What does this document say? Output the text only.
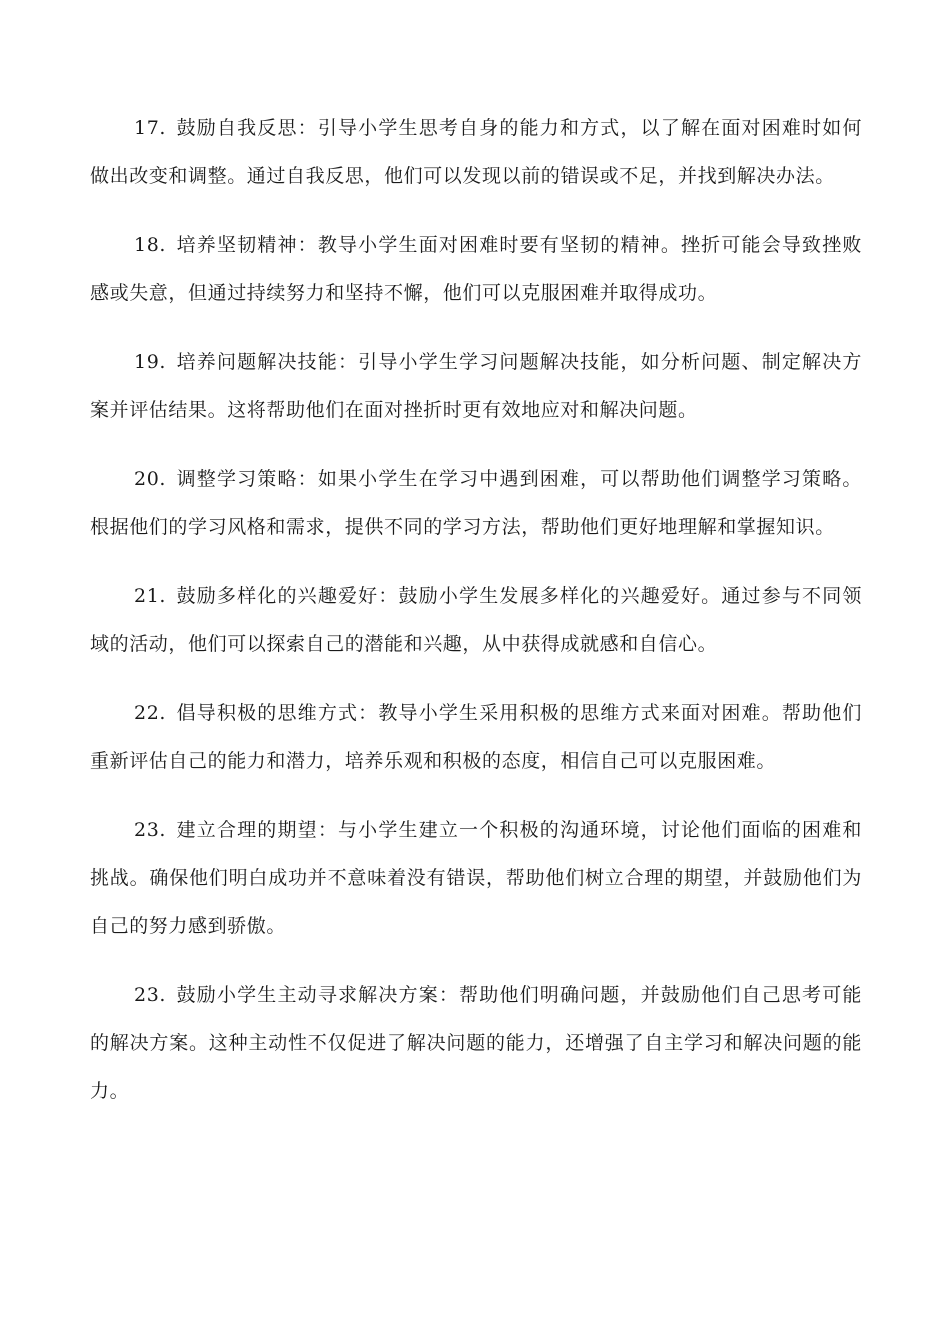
17. 鼓励自我反思：引导小学生思考自身的能力和方式，以了解在面对困难时如何做出改变和调整。通过自我反思，他们可以发现以前的错误或不足，并找到解决办法。

18. 培养坚韧精神：教导小学生面对困难时要有坚韧的精神。挫折可能会导致挫败感或失意，但通过持续努力和坚持不懈，他们可以克服困难并取得成功。

19. 培养问题解决技能：引导小学生学习问题解决技能，如分析问题、制定解决方案并评估结果。这将帮助他们在面对挫折时更有效地应对和解决问题。

20. 调整学习策略：如果小学生在学习中遇到困难，可以帮助他们调整学习策略。根据他们的学习风格和需求，提供不同的学习方法，帮助他们更好地理解和掌握知识。

21. 鼓励多样化的兴趣爱好：鼓励小学生发展多样化的兴趣爱好。通过参与不同领域的活动，他们可以探索自己的潜能和兴趣，从中获得成就感和自信心。

22. 倡导积极的思维方式：教导小学生采用积极的思维方式来面对困难。帮助他们重新评估自己的能力和潜力，培养乐观和积极的态度，相信自己可以克服困难。

23. 建立合理的期望：与小学生建立一个积极的沟通环境，讨论他们面临的困难和挑战。确保他们明白成功并不意味着没有错误，帮助他们树立合理的期望，并鼓励他们为自己的努力感到骄傲。

23. 鼓励小学生主动寻求解决方案：帮助他们明确问题，并鼓励他们自己思考可能的解决方案。这种主动性不仅促进了解决问题的能力，还增强了自主学习和解决问题的能力。
